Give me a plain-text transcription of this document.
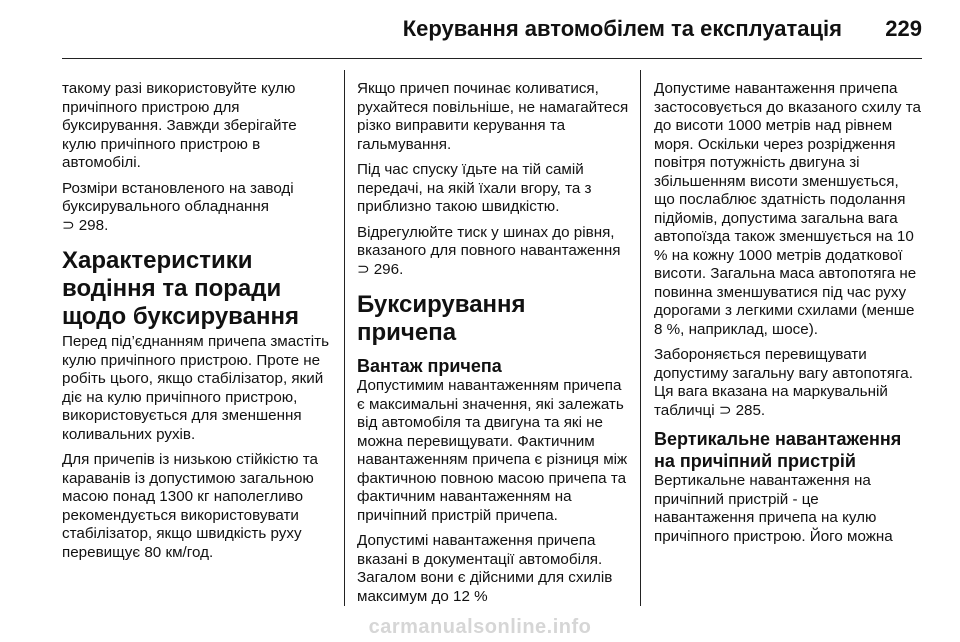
Керування автомобілем та експлуатація 229

такому разі використовуйте кулю причіпного пристрою для буксирування. Завжди зберігайте кулю причіпного пристрою в автомобілі.

Розміри встановленого на заводі буксирувального обладнання
⊃ 298.

Характеристики водіння та поради щодо буксирування

Перед під’єднанням причепа змастіть кулю причіпного пристрою. Проте не робіть цього, якщо стабілізатор, який діє на кулю причіпного пристрою, використовується для зменшення коливальних рухів.

Для причепів із низькою стійкістю та караванів із допустимою загальною масою понад 1300 кг наполегливо рекомендується використовувати стабілізатор, якщо швидкість руху перевищує 80 км/год.

Якщо причеп починає коливатися, рухайтеся повільніше, не намагайтеся різко виправити керування та гальмування.

Під час спуску їдьте на тій самій передачі, на якій їхали вгору, та з приблизно такою швидкістю.

Відрегулюйте тиск у шинах до рівня, вказаного для повного навантаження ⊃ 296.

Буксирування причепа
Вантаж причепа

Допустимим навантаженням причепа є максимальні значення, які залежать від автомобіля та двигуна та які не можна перевищувати. Фактичним навантаженням причепа є різниця між фактичною повною масою причепа та фактичним навантаженням на причіпний пристрій причепа.

Допустимі навантаження причепа вказані в документації автомобіля. Загалом вони є дійсними для схилів максимум до 12 %

Допустиме навантаження причепа застосовується до вказаного схилу та до висоти 1000 метрів над рівнем моря. Оскільки через розрідження повітря потужність двигуна зі збільшенням висоти зменшується, що послаблює здатність подолання підйомів, допустима загальна вага автопоїзда також зменшується на 10 % на кожну 1000 метрів додаткової висоти. Загальна маса автопотяга не повинна зменшуватися під час руху дорогами з легкими схилами (менше 8 %, наприклад, шосе).

Забороняється перевищувати допустиму загальну вагу автопотяга. Ця вага вказана на маркувальній табличці ⊃ 285.

Вертикальне навантаження на причіпний пристрій

Вертикальне навантаження на причіпний пристрій - це навантаження причепа на кулю причіпного пристрою. Його можна

carmanualsonline.info
